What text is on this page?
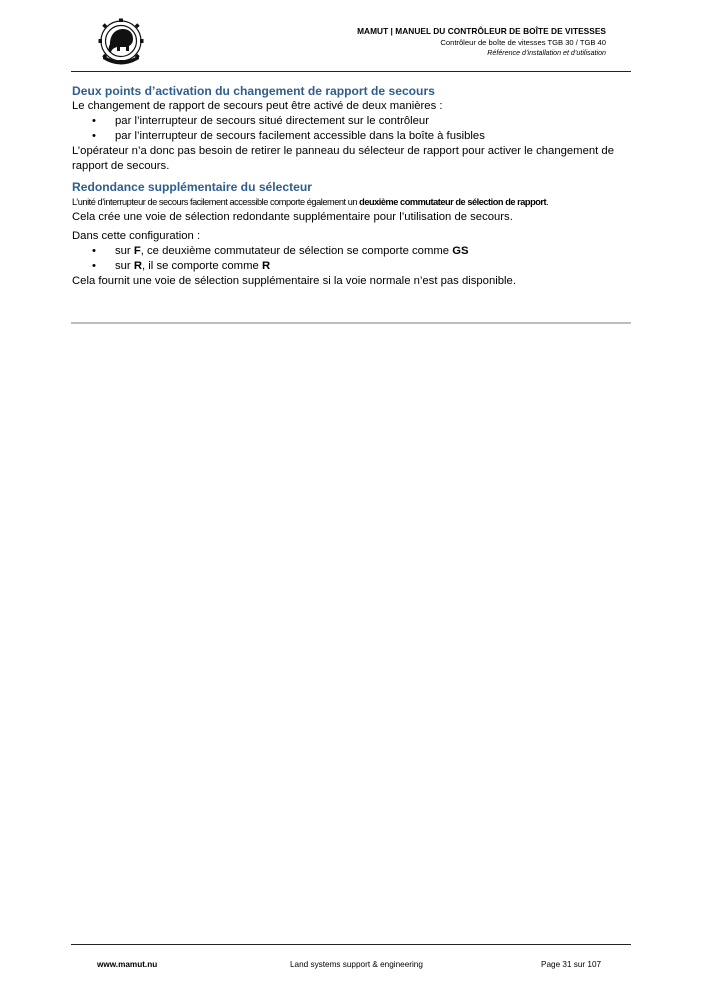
MAMUT | MANUEL DU CONTRÔLEUR DE BOÎTE DE VITESSES
Contrôleur de boîte de vitesses TGB 30 / TGB 40
Référence d’installation et d’utilisation
Deux points d’activation du changement de rapport de secours

Le changement de rapport de secours peut être activé de deux manières :

• par l’interrupteur de secours situé directement sur le contrôleur
• par l’interrupteur de secours facilement accessible dans la boîte à fusibles

L’opérateur n’a donc pas besoin de retirer le panneau du sélecteur de rapport pour activer le changement de rapport de secours.

Redondance supplémentaire du sélecteur

L’unité d’interrupteur de secours facilement accessible comporte également un deuxième commutateur de sélection de rapport.

Cela crée une voie de sélection redondante supplémentaire pour l’utilisation de secours.

Dans cette configuration :

• sur F, ce deuxième commutateur de sélection se comporte comme GS
• sur R, il se comporte comme R

Cela fournit une voie de sélection supplémentaire si la voie normale n’est pas disponible.

www.mamut.nu	Land systems support & engineering	Page 31 sur 107
